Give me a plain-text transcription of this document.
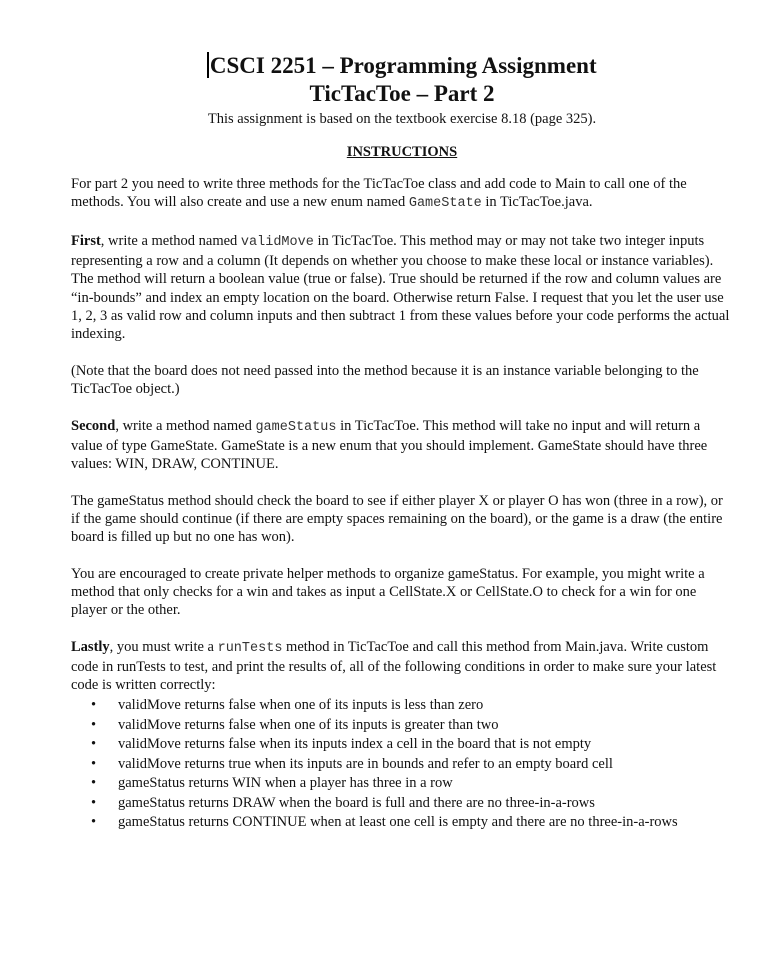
CSCI 2251 – Programming Assignment
TicTacToe – Part 2
This assignment is based on the textbook exercise 8.18 (page 325).
INSTRUCTIONS

For part 2 you need to write three methods for the TicTacToe class and add code to Main to call one of the methods. You will also create and use a new enum named GameState in TicTacToe.java.

First, write a method named validMove in TicTacToe. This method may or may not take two integer inputs representing a row and a column (It depends on whether you choose to make these local or instance variables). The method will return a boolean value (true or false). True should be returned if the row and column values are “in-bounds” and index an empty location on the board. Otherwise return False. I request that you let the user use 1, 2, 3 as valid row and column inputs and then subtract 1 from these values before your code performs the actual indexing.

(Note that the board does not need passed into the method because it is an instance variable belonging to the TicTacToe object.)

Second, write a method named gameStatus in TicTacToe. This method will take no input and will return a value of type GameState. GameState is a new enum that you should implement. GameState should have three values: WIN, DRAW, CONTINUE.

The gameStatus method should check the board to see if either player X or player O has won (three in a row), or if the game should continue (if there are empty spaces remaining on the board), or the game is a draw (the entire board is filled up but no one has won).

You are encouraged to create private helper methods to organize gameStatus. For example, you might write a method that only checks for a win and takes as input a CellState.X or CellState.O to check for a win for one player or the other.

Lastly, you must write a runTests method in TicTacToe and call this method from Main.java. Write custom code in runTests to test, and print the results of, all of the following conditions in order to make sure your latest code is written correctly:

• validMove returns false when one of its inputs is less than zero
• validMove returns false when one of its inputs is greater than two
• validMove returns false when its inputs index a cell in the board that is not empty
• validMove returns true when its inputs are in bounds and refer to an empty board cell
• gameStatus returns WIN when a player has three in a row
• gameStatus returns DRAW when the board is full and there are no three-in-a-rows
• gameStatus returns CONTINUE when at least one cell is empty and there are no three-in-a-rows
